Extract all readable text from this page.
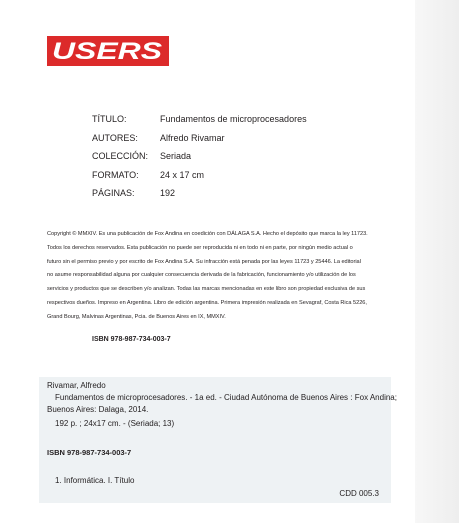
USERS
TÍTULO:	Fundamentos de microprocesadores
AUTORES:	Alfredo Rivamar
COLECCIÓN:	Seriada
FORMATO:	24 x 17 cm
PÁGINAS:	192
Copyright © MMXIV. Es una publicación de Fox Andina en coedición con DÁLAGA S.A. Hecho el depósito que marca la ley 11723.
Todos los derechos reservados. Esta publicación no puede ser reproducida ni en todo ni en parte, por ningún medio actual o
futuro sin el permiso previo y por escrito de Fox Andina S.A. Su infracción está penada por las leyes 11723 y 25446. La editorial
no asume responsabilidad alguna por cualquier consecuencia derivada de la fabricación, funcionamiento y/o utilización de los
servicios y productos que se describen y/o analizan. Todas las marcas mencionadas en este libro son propiedad exclusiva de sus
respectivos dueños. Impreso en Argentina. Libro de edición argentina. Primera impresión realizada en Sevagraf, Costa Rica 5226,
Grand Bourg, Malvinas Argentinas, Pcia. de Buenos Aires en IX, MMXIV.
ISBN 978-987-734-003-7
Rivamar, Alfredo
Fundamentos de microprocesadores. - 1a ed. - Ciudad Autónoma de Buenos Aires : Fox Andina;
Buenos Aires: Dalaga, 2014.
192 p. ; 24x17 cm. - (Seriada; 13)
ISBN 978-987-734-003-7
1. Informática. I. Título
CDD 005.3
